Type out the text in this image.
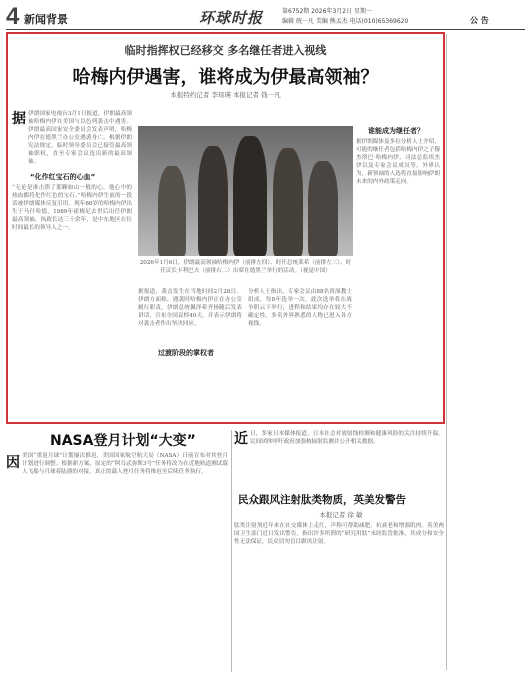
4 新闻背景	环球时报	第6752期 2026年3月2日 星期一
编辑 统一凡 美编 熊孟杰 电话(010)65369620	公 告
临时指挥权已经移交 多名继任者进入视线
哈梅内伊遇害，谁将成为伊最高领袖？
本报特约记者 李琰瑛 本报记者 钱一凡
据 伊朗国家电视台3月1日报道，伊朗最高领袖哈梅内伊在美国与以色列袭击中遇害。伊朗最高国家安全委员会发表声明，哈梅内伊在德黑兰办公室遇袭身亡。根据伊朗宪法规定，临时领导委员会已接管最高领袖职权，直至专家会议选出新的最高领袖。
“化作红宝石的心血”
“无论是谁击溃了那颗如山一般的心，他心中的热血都将化作红色的宝石。”哈梅内伊生前的一段话被伊朗媒体反复引用。现年86岁的哈梅内伊出生于马什哈德，1989年霍梅尼去世后出任伊朗最高领袖，执政长达三十余年，是中东地区在位时间最长的领导人之一。
2026年1月6日，伊朗最高领袖哈梅内伊（前排左四）、时任总统莱希（前排左三）、时任议长卡利巴夫（前排右二）出席在德黑兰举行的活动。（视觉中国）
据报道，袭击发生在当地时间2月28日。伊朗方面称，遇袭时哈梅内伊正在办公室履行职责。伊朗总统佩泽希齐扬随后发表讲话，宣布全国哀悼40天，并表示伊朗将对袭击者作出坚决回应。
过渡阶段的掌权者
分析人士指出，专家会议由88名资深教士组成，每8年选举一次。此次选举将在战争阴云下举行，进程和结果均存在较大不确定性。多名外界熟悉的人物已进入各方视线。
谁能成为继任者？
据伊朗媒体及多位分析人士介绍，可能的继任者包括哈梅内伊之子穆杰塔巴·哈梅内伊、司法总监埃杰伊以及专家会议成员等。外界认为，新领袖的人选将直接影响伊朗未来的内外政策走向。
NASA登月计划“大变”
因 美国“重返月球”计划屡次推迟，美国国家航空航天局（NASA）日前宣布对其登月计划进行调整。根据新方案，原定的“阿耳忒弥斯3号”任务将改为在近地轨道测试载人飞船与月球着陆器的对接，真正的载人登月任务将推迟至后续任务执行。
近 日，多家日本媒体报道，日本社会对放射线检测和健康风险的关注持续升温。民间团体呼吁政府加强核辐射监测并公开相关数据。
民众跟风注射肽类物质，英美发警告
本报记者 徐 敏
肽类注射剂近年来在社交媒体上走红，声称可帮助减肥、抗衰老和增强肌肉。英美两国卫生部门近日发出警告，指出许多所谓的“研究用肽”未经监管批准，其成分和安全性无法保证，民众切勿盲目跟风注射。
